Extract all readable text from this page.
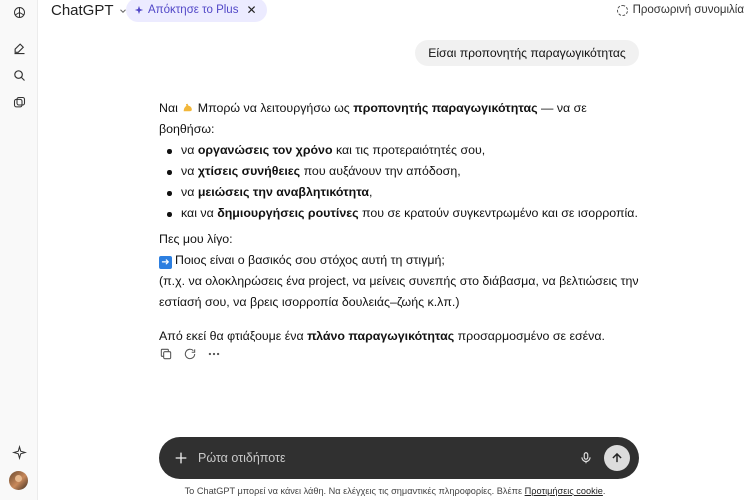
ChatGPT	Απόκτησε το Plus ✕	Προσωρινή συνομιλία
Είσαι προπονητής παραγωγικότητας

Ναι Μπορώ να λειτουργήσω ως προπονητής παραγωγικότητας — να σε βοηθήσω:

να οργανώσεις τον χρόνο και τις προτεραιότητές σου,
να χτίσεις συνήθειες που αυξάνουν την απόδοση,
να μειώσεις την αναβλητικότητα,
και να δημιουργήσεις ρουτίνες που σε κρατούν συγκεντρωμένο και σε ισορροπία.

Πες μου λίγο:

➜ Ποιος είναι ο βασικός σου στόχος αυτή τη στιγμή;

(π.χ. να ολοκληρώσεις ένα project, να μείνεις συνεπής στο διάβασμα, να βελτιώσεις την εστίασή σου, να βρεις ισορροπία δουλειάς–ζωής κ.λπ.)

Από εκεί θα φτιάξουμε ένα πλάνο παραγωγικότητας προσαρμοσμένο σε εσένα.

Ρώτα οτιδήποτε
Το ChatGPT μπορεί να κάνει λάθη. Να ελέγχεις τις σημαντικές πληροφορίες. Βλέπε Προτιμήσεις cookie.
